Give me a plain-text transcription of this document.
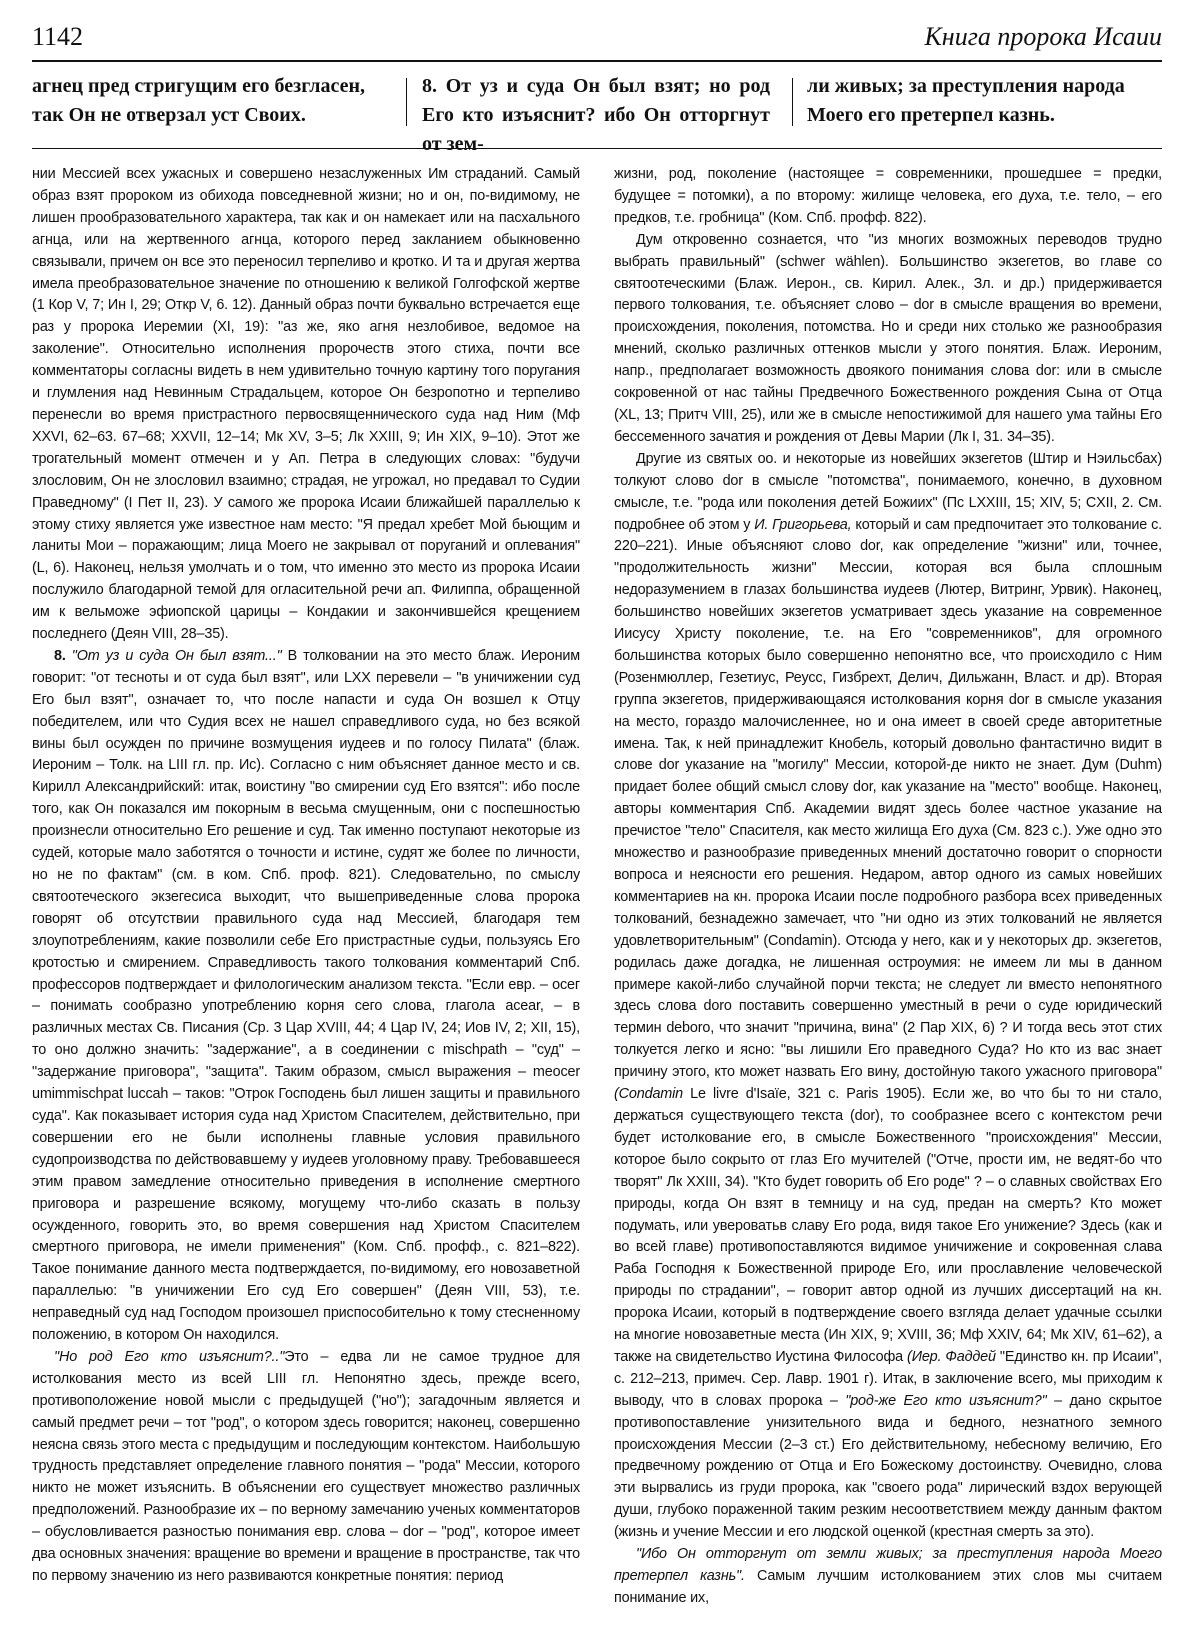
1142	Книга пророка Исаии
агнец пред стригущим его безгласен, так Он не отверзал уст Своих.
8. От уз и суда Он был взят; но род Его кто изъяснит? ибо Он отторгнут от зем-
ли живых; за преступления народа Моего его претерпел казнь.

нии Мессией всех ужасных и совершено незаслуженных Им страданий. Самый образ взят пророком из обихода повседневной жизни; но и он, по-видимому, не лишен прообразовательного характера, так как и он намекает или на пасхального агнца, или на жертвенного агнца, которого перед закланием обыкновенно связывали, причем он все это переносил терпеливо и кротко. И та и другая жертва имела преобразовательное значение по отношению к великой Голгофской жертве (1 Кор V, 7; Ин I, 29; Откр V, 6. 12). Данный образ почти буквально встречается еще раз у пророка Иеремии (XI, 19): "аз же, яко агня незлобивое, ведомое на заколение". Относительно исполнения пророчеств этого стиха, почти все комментаторы согласны видеть в нем удивительно точную картину того поругания и глумления над Невинным Страдальцем, которое Он безропотно и терпеливо перенесли во время пристрастного первосвященнического суда над Ним (Мф XXVI, 62–63. 67–68; XXVII, 12–14; Мк XV, 3–5; Лк XXIII, 9; Ин XIX, 9–10). Этот же трогательный момент отмечен и у Ап. Петра в следующих словах: "будучи злословим, Он не злословил взаимно; страдая, не угрожал, но предавал то Судии Праведному" (I Пет II, 23). У самого же пророка Исаии ближайшей параллелью к этому стиху является уже известное нам место: "Я предал хребет Мой бьющим и ланиты Мои – поражающим; лица Моего не закрывал от поруганий и оплевания" (L, 6). Наконец, нельзя умолчать и о том, что именно это место из пророка Исаии послужило благодарной темой для огласительной речи ап. Филиппа, обращенной им к вельможе эфиопской царицы – Кондакии и закончившейся крещением последнего (Деян VIII, 28–35).

8. "От уз и суда Он был взят..." В толковании на это место блаж. Иероним говорит: "от тесноты и от суда был взят", или LXX перевели – "в уничижении суд Его был взят", означает то, что после напасти и суда Он возшел к Отцу победителем, или что Судия всех не нашел справедливого суда, но без всякой вины был осужден по причине возмущения иудеев и по голосу Пилата" (блаж. Иероним – Толк. на LIII гл. пр. Ис). Согласно с ним объясняет данное место и св. Кирилл Александрийский: итак, воистину "во смирении суд Его взятся": ибо после того, как Он показался им покорным в весьма смущенным, они с поспешностью произнесли относительно Его решение и суд. Так именно поступают некоторые из судей, которые мало заботятся о точности и истине, судят же более по личности, но не по фактам" (см. в ком. Спб. проф. 821). Следовательно, по смыслу святоотеческого экзегесиса выходит, что вышеприведенные слова пророка говорят об отсутствии правильного суда над Мессией, благодаря тем злоупотреблениям, какие позволили себе Его пристрастные судьи, пользуясь Его кротостью и смирением. Справедливость такого толкования комментарий Спб. профессоров подтверждает и филологическим анализом текста. "Если евр. – осег – понимать сообразно употреблению корня сего слова, глагола acear, – в различных местах Св. Писания (Ср. 3 Цар XVIII, 44; 4 Цар IV, 24; Иов IV, 2; XII, 15), то оно должно значить: "задержание", а в соединении с mischpath – "суд" – "задержание приговора", "защита". Таким образом, смысл выражения – meocer umimmischpat luccah – таков: "Отрок Господень был лишен защиты и правильного суда". Как показывает история суда над Христом Спасителем, действительно, при совершении его не были исполнены главные условия правильного судопроизводства по действовавшему у иудеев уголовному праву. Требовавшееся этим правом замедление относительно приведения в исполнение смертного приговора и разрешение всякому, могущему что-либо сказать в пользу осужденного, говорить это, во время совершения над Христом Спасителем смертного приговора, не имели применения" (Ком. Спб. профф., с. 821–822). Такое понимание данного места подтверждается, по-видимому, его новозаветной параллелью: "в уничижении Его суд Его совершен" (Деян VIII, 53), т.е. неправедный суд над Господом произошел приспособительно к тому стесненному положению, в котором Он находился.

"Но род Его кто изъяснит?.."Это – едва ли не самое трудное для истолкования место из всей LIII гл. Непонятно здесь, прежде всего, противоположение новой мысли с предыдущей ("но"); загадочным является и самый предмет речи – тот "род", о котором здесь говорится; наконец, совершенно неясна связь этого места с предыдущим и последующим контекстом. Наибольшую трудность представляет определение главного понятия – "рода" Мессии, которого никто не может изъяснить. В объяснении его существует множество различных предположений. Разнообразие их – по верному замечанию ученых комментаторов – обусловливается разностью понимания евр. слова – dor – "род", которое имеет два основных значения: вращение во времени и вращение в пространстве, так что по первому значению из него развиваются конкретные понятия: период

жизни, род, поколение (настоящее = современники, прошедшее = предки, будущее = потомки), а по второму: жилище человека, его духа, т.е. тело, – его предков, т.е. гробница" (Ком. Спб. профф. 822).

Дум откровенно сознается, что "из многих возможных переводов трудно выбрать правильный" (schwer wählen). Большинство экзегетов, во главе со святоотеческими (Блаж. Иерон., св. Кирил. Алек., Зл. и др.) придерживается первого толкования, т.е. объясняет слово – dor в смысле вращения во времени, происхождения, поколения, потомства. Но и среди них столько же разнообразия мнений, сколько различных оттенков мысли у этого понятия. Блаж. Иероним, напр., предполагает возможность двоякого понимания слова dor: или в смысле сокровенной от нас тайны Предвечного Божественного рождения Сына от Отца (XL, 13; Притч VIII, 25), или же в смысле непостижимой для нашего ума тайны Его бессеменного зачатия и рождения от Девы Марии (Лк I, 31. 34–35).

Другие из святых оо. и некоторые из новейших экзегетов (Штир и Нэильсбах) толкуют слово dor в смысле "потомства", понимаемого, конечно, в духовном смысле, т.е. "рода или поколения детей Божиих" (Пс LXXIII, 15; XIV, 5; CXII, 2. См. подробнее об этом у И. Григорьева, который и сам предпочитает это толкование с. 220–221). Иные объясняют слово dor, как определение "жизни" или, точнее, "продолжительность жизни" Мессии, которая вся была сплошным недоразумением в глазах большинства иудеев (Лютер, Витринг, Урвик). Наконец, большинство новейших экзегетов усматривает здесь указание на современное Иисусу Христу поколение, т.е. на Его "современников", для огромного большинства которых было совершенно непонятно все, что происходило с Ним (Розенмюллер, Гезетиус, Реусс, Гизбрехт, Делич, Дильжанн, Власт. и др). Вторая группа экзегетов, придерживающаяся истолкования корня dor в смысле указания на место, гораздо малочисленнее, но и она имеет в своей среде авторитетные имена. Так, к ней принадлежит Кнобель, который довольно фантастично видит в слове dor указание на "могилу" Мессии, которой-де никто не знает. Дум (Duhm) придает более общий смысл слову dor, как указание на "место" вообще. Наконец, авторы комментария Спб. Академии видят здесь более частное указание на пречистое "тело" Спасителя, как место жилища Его духа (См. 823 с.). Уже одно это множество и разнообразие приведенных мнений достаточно говорит о спорности вопроса и неясности его решения. Недаром, автор одного из самых новейших комментариев на кн. пророка Исаии после подробного разбора всех приведенных толкований, безнадежно замечает, что "ни одно из этих толкований не является удовлетворительным" (Condamin). Отсюда у него, как и у некоторых др. экзегетов, родилась даже догадка, не лишенная остроумия: не имеем ли мы в данном примере какой-либо случайной порчи текста; не следует ли вместо непонятного здесь слова doro поставить совершенно уместный в речи о суде юридический термин debоrо, что значит "причина, вина" (2 Пар XIX, 6) ? И тогда весь этот стих толкуется легко и ясно: "вы лишили Его праведного Суда? Но кто из вас знает причину этого, кто может назвать Его вину, достойную такого ужасного приговора" (Condamin Le livre d'Isaïe, 321 c. Paris 1905). Если же, во что бы то ни стало, держаться существующего текста (dor), то сообразнее всего с контекстом речи будет истолкование его, в смысле Божественного "происхождения" Мессии, которое было сокрыто от глаз Его мучителей ("Отче, прости им, не ведят-бо что творят" Лк XXIII, 34). "Кто будет говорить об Его роде" ? – о славных свойствах Его природы, когда Он взят в темницу и на суд, предан на смерть? Кто может подумать, или увероватьв славу Его рода, видя такое Его унижение? Здесь (как и во всей главе) противопоставляются видимое уничижение и сокровенная слава Раба Господня к Божественной природе Его, или прославление человеческой природы по страдании", – говорит автор одной из лучших диссертаций на кн. пророка Исаии, который в подтверждение своего взгляда делает удачные ссылки на многие новозаветные места (Ин XIX, 9; XVIII, 36; Мф XXIV, 64; Мк XIV, 61–62), а также на свидетельство Иустина Философа (Иер. Фаддей "Единство кн. пр Исаии", с. 212–213, примеч. Сер. Лавр. 1901 г). Итак, в заключение всего, мы приходим к выводу, что в словах пророка – "род-же Его кто изъяснит?" – дано скрытое противопоставление унизительного вида и бедного, незнатного земного происхождения Мессии (2–3 ст.) Его действительному, небесному величию, Его предвечному рождению от Отца и Его Божескому достоинству. Очевидно, слова эти вырвались из груди пророка, как "своего рода" лирический вздох верующей души, глубоко пораженной таким резким несоответствием между данным фактом (жизнь и учение Мессии и его людской оценкой (крестная смерть за это).

"Ибо Он отторгнут от земли живых; за преступления народа Моего претерпел казнь". Самым лучшим истолкованием этих слов мы считаем понимание их,
